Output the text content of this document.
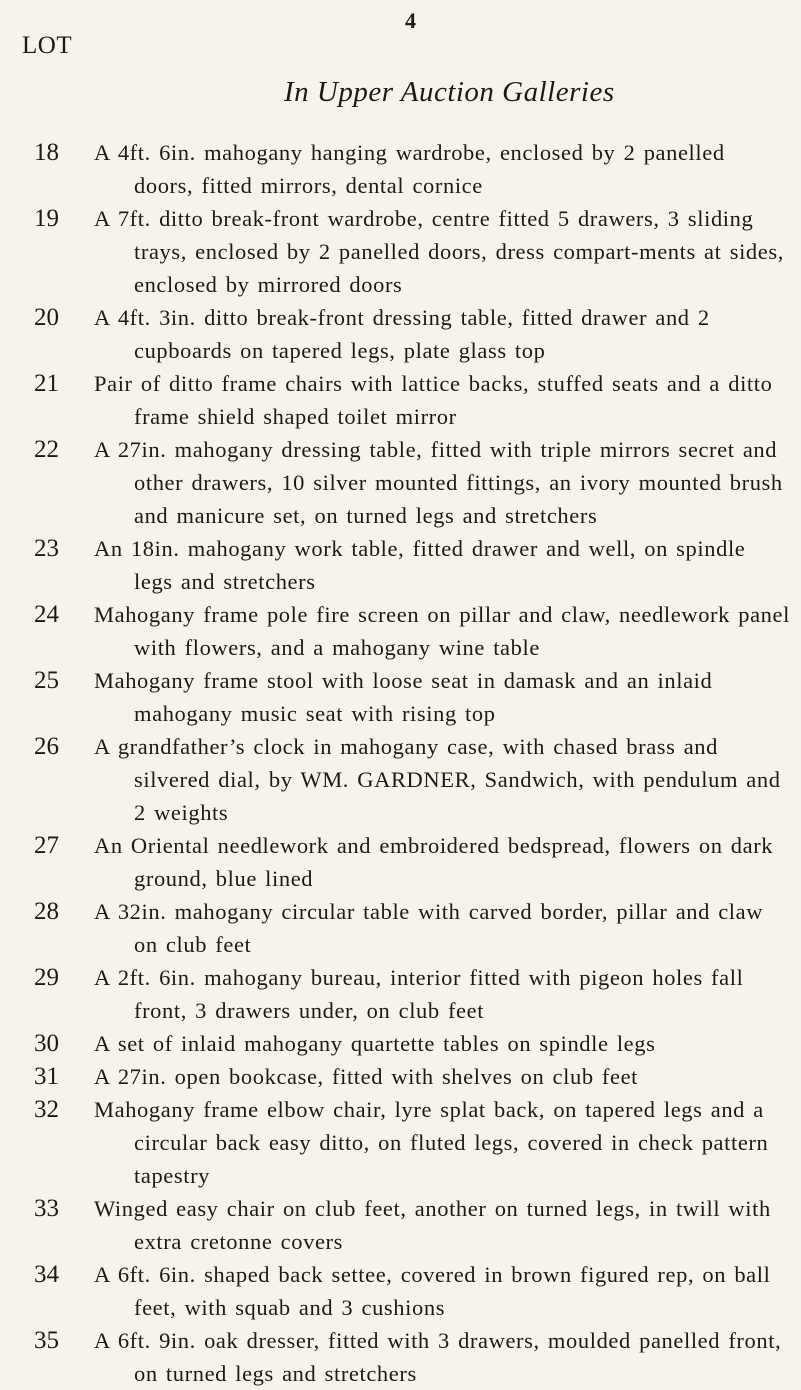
4
LOT
In Upper Auction Galleries
18	A 4ft. 6in. mahogany hanging wardrobe, enclosed by 2 panelled doors, fitted mirrors, dental cornice
19	A 7ft. ditto break-front wardrobe, centre fitted 5 drawers, 3 sliding trays, enclosed by 2 panelled doors, dress compart-ments at sides, enclosed by mirrored doors
20	A 4ft. 3in. ditto break-front dressing table, fitted drawer and 2 cupboards on tapered legs, plate glass top
21	Pair of ditto frame chairs with lattice backs, stuffed seats and a ditto frame shield shaped toilet mirror
22	A 27in. mahogany dressing table, fitted with triple mirrors secret and other drawers, 10 silver mounted fittings, an ivory mounted brush and manicure set, on turned legs and stretchers
23	An 18in. mahogany work table, fitted drawer and well, on spindle legs and stretchers
24	Mahogany frame pole fire screen on pillar and claw, needlework panel with flowers, and a mahogany wine table
25	Mahogany frame stool with loose seat in damask and an inlaid mahogany music seat with rising top
26	A grandfather’s clock in mahogany case, with chased brass and silvered dial, by WM. GARDNER, Sandwich, with pendulum and 2 weights
27	An Oriental needlework and embroidered bedspread, flowers on dark ground, blue lined
28	A 32in. mahogany circular table with carved border, pillar and claw on club feet
29	A 2ft. 6in. mahogany bureau, interior fitted with pigeon holes fall front, 3 drawers under, on club feet
30	A set of inlaid mahogany quartette tables on spindle legs
31	A 27in. open bookcase, fitted with shelves on club feet
32	Mahogany frame elbow chair, lyre splat back, on tapered legs and a circular back easy ditto, on fluted legs, covered in check pattern tapestry
33	Winged easy chair on club feet, another on turned legs, in twill with extra cretonne covers
34	A 6ft. 6in. shaped back settee, covered in brown figured rep, on ball feet, with squab and 3 cushions
35	A 6ft. 9in. oak dresser, fitted with 3 drawers, moulded panelled front, on turned legs and stretchers
